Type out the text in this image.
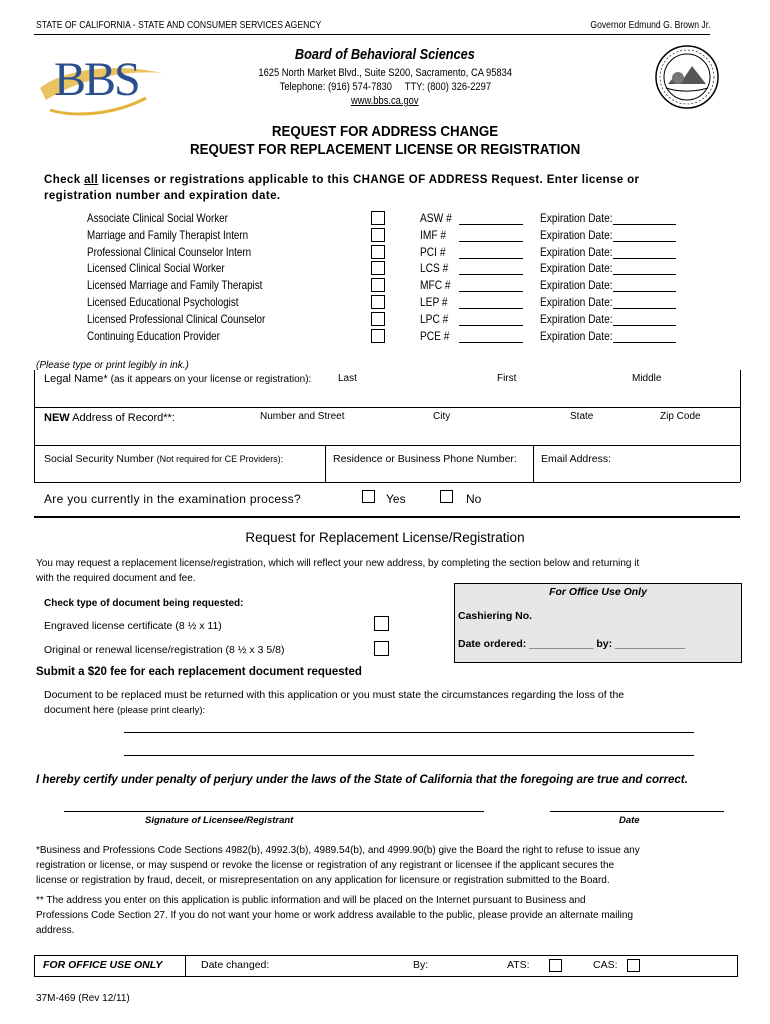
STATE OF CALIFORNIA - STATE AND CONSUMER SERVICES AGENCY	Governor Edmund G. Brown Jr.
BBS	Board of Behavioral Sciences
1625 North Market Blvd., Suite S200, Sacramento, CA 95834
Telephone: (916) 574-7830     TTY: (800) 326-2297
www.bbs.ca.gov
REQUEST FOR ADDRESS CHANGE
REQUEST FOR REPLACEMENT LICENSE OR REGISTRATION
Check all licenses or registrations applicable to this CHANGE OF ADDRESS Request. Enter license or
registration number and expiration date.
Associate Clinical Social Worker	ASW #	Expiration Date:
Marriage and Family Therapist Intern	IMF #	Expiration Date:
Professional Clinical Counselor Intern	PCI #	Expiration Date:
Licensed Clinical Social Worker	LCS #	Expiration Date:
Licensed Marriage and Family Therapist	MFC #	Expiration Date:
Licensed Educational Psychologist	LEP #	Expiration Date:
Licensed Professional Clinical Counselor	LPC #	Expiration Date:
Continuing Education Provider	PCE #	Expiration Date:
(Please type or print legibly in ink.)
Legal Name* (as it appears on your license or registration):	Last	First	Middle
NEW Address of Record**:	Number and Street	City	State	Zip Code
Social Security Number (Not required for CE Providers):	Residence or Business Phone Number: Email Address:
Are you currently in the examination process?	Yes	No
Request for Replacement License/Registration
You may request a replacement license/registration, which will reflect your new address, by completing the section below and returning it
with the required document and fee.
For Office Use Only
Cashiering No.
Date ordered: ___________ by: ____________
Check type of document being requested:
Engraved license certificate (8 ½ x 11)
Original or renewal license/registration (8 ½ x 3 5/8)
Submit a $20 fee for each replacement document requested
Document to be replaced must be returned with this application or you must state the circumstances regarding the loss of the
document here (please print clearly):
I hereby certify under penalty of perjury under the laws of the State of California that the foregoing are true and correct.
Signature of Licensee/Registrant	Date
*Business and Professions Code Sections 4982(b), 4992.3(b), 4989.54(b), and 4999.90(b) give the Board the right to refuse to issue any
registration or license, or may suspend or revoke the license or registration of any registrant or licensee if the applicant secures the
license or registration by fraud, deceit, or misrepresentation on any application for licensure or registration submitted to the Board.
** The address you enter on this application is public information and will be placed on the Internet pursuant to Business and
Professions Code Section 27. If you do not want your home or work address available to the public, please provide an alternate mailing
address.
FOR OFFICE USE ONLY	Date changed:	By:	ATS:	CAS:
37M-469 (Rev 12/11)
